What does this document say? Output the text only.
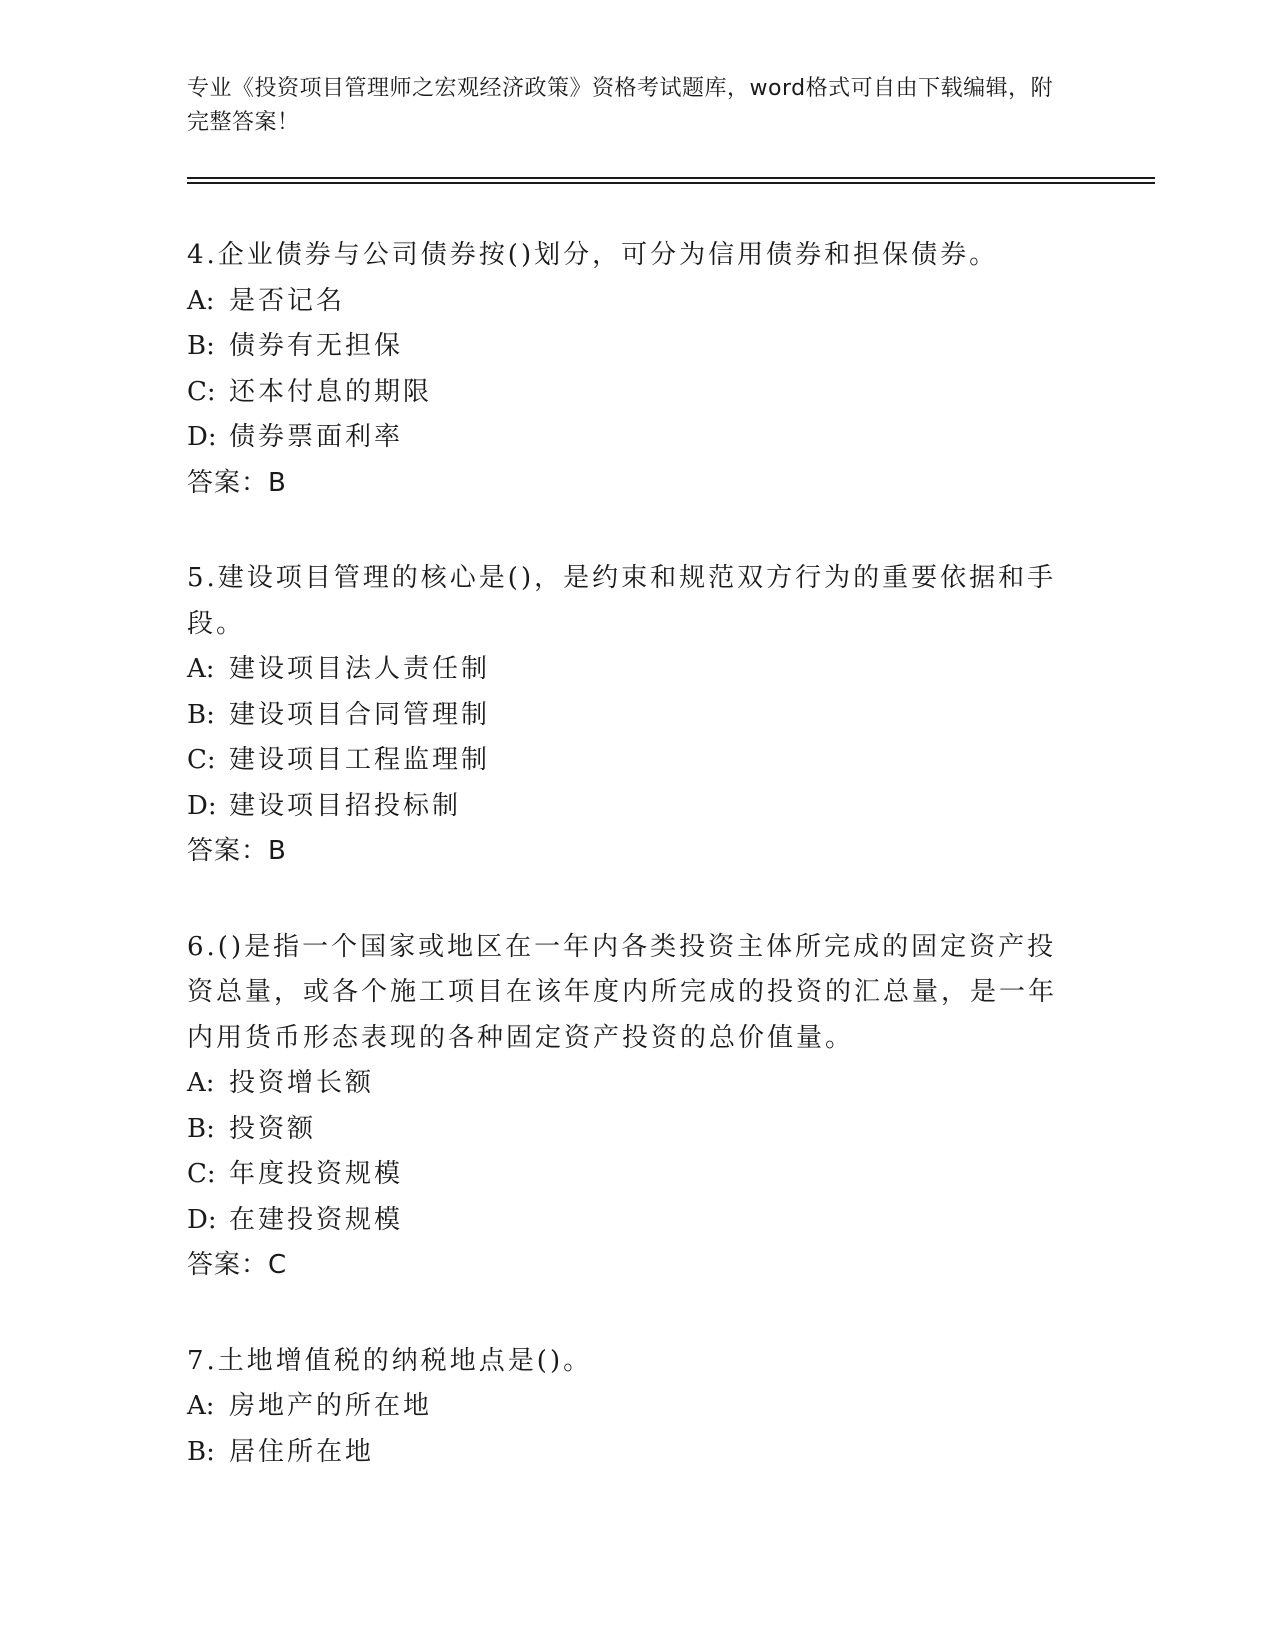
专业《投资项目管理师之宏观经济政策》资格考试题库，word格式可自由下载编辑，附完整答案！
4.企业债券与公司债券按()划分，可分为信用债券和担保债券。
A: 是否记名
B: 债券有无担保
C: 还本付息的期限
D: 债券票面利率
答案：B
5.建设项目管理的核心是()，是约束和规范双方行为的重要依据和手段。
A: 建设项目法人责任制
B: 建设项目合同管理制
C: 建设项目工程监理制
D: 建设项目招投标制
答案：B
6.()是指一个国家或地区在一年内各类投资主体所完成的固定资产投资总量，或各个施工项目在该年度内所完成的投资的汇总量，是一年内用货币形态表现的各种固定资产投资的总价值量。
A: 投资增长额
B: 投资额
C: 年度投资规模
D: 在建投资规模
答案：C
7.土地增值税的纳税地点是()。
A: 房地产的所在地
B: 居住所在地
